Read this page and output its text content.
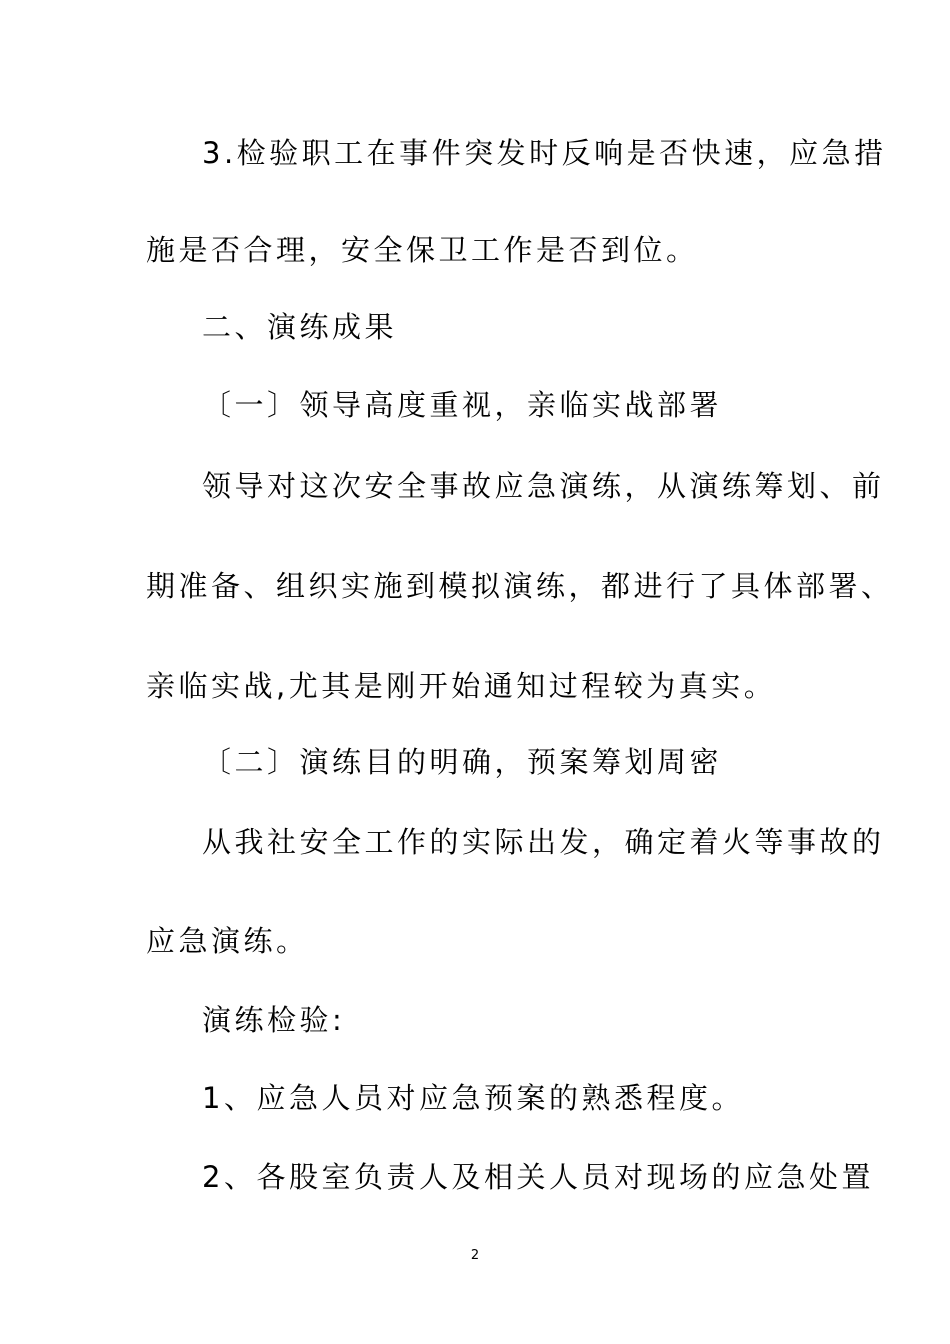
3.检验职工在事件突发时反响是否快速，应急措

施是否合理，安全保卫工作是否到位。

二、演练成果

〔一〕领导高度重视，亲临实战部署

领导对这次安全事故应急演练，从演练筹划、前

期准备、组织实施到模拟演练，都进行了具体部署、

亲临实战,尤其是刚开始通知过程较为真实。

〔二〕演练目的明确，预案筹划周密

从我社安全工作的实际出发，确定着火等事故的

应急演练。

演练检验:

1、应急人员对应急预案的熟悉程度。

2、各股室负责人及相关人员对现场的应急处置

2
